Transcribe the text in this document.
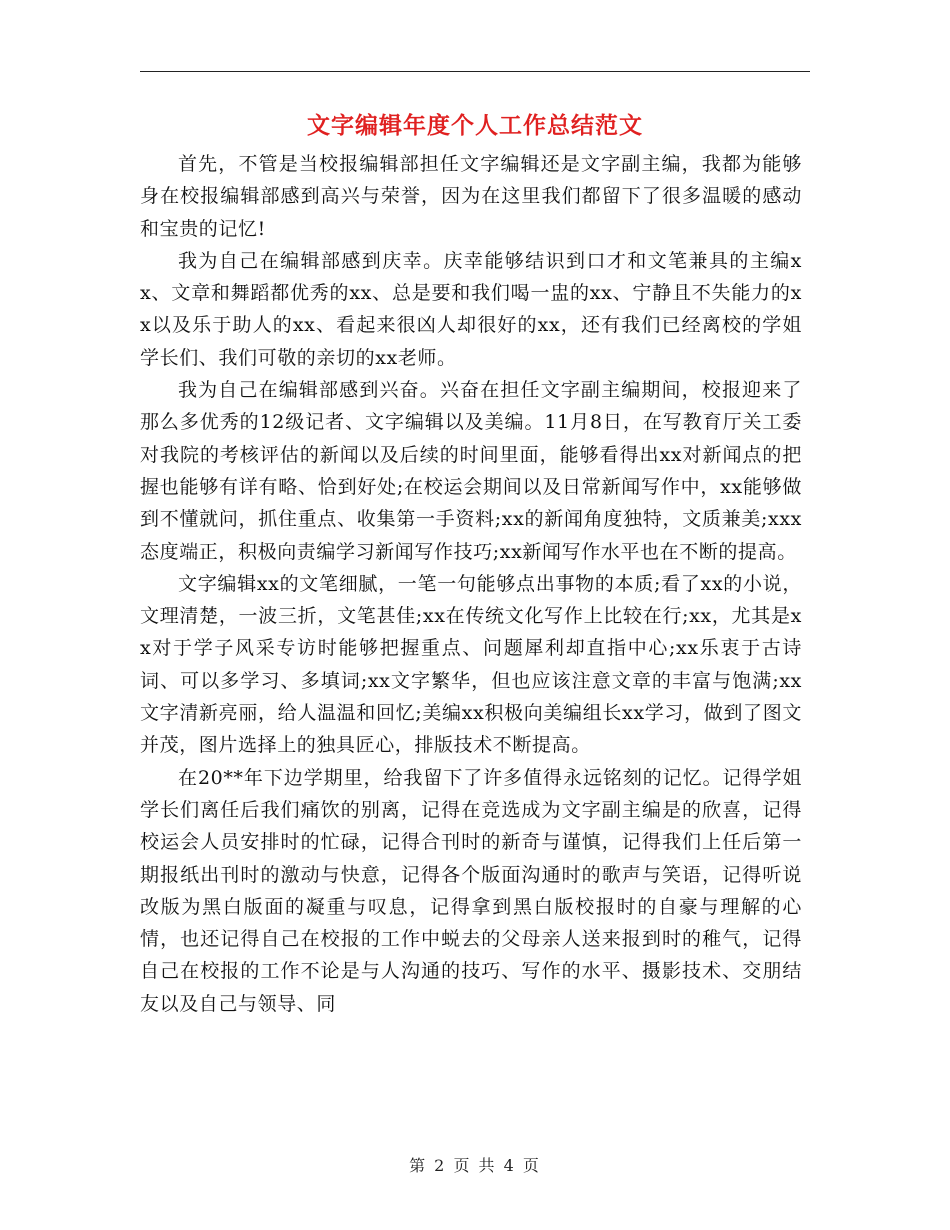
文字编辑年度个人工作总结范文

首先，不管是当校报编辑部担任文字编辑还是文字副主编，我都为能够身在校报编辑部感到高兴与荣誉，因为在这里我们都留下了很多温暖的感动和宝贵的记忆!

我为自己在编辑部感到庆幸。庆幸能够结识到口才和文笔兼具的主编xx、文章和舞蹈都优秀的xx、总是要和我们喝一盅的xx、宁静且不失能力的xx以及乐于助人的xx、看起来很凶人却很好的xx，还有我们已经离校的学姐学长们、我们可敬的亲切的xx老师。

我为自己在编辑部感到兴奋。兴奋在担任文字副主编期间，校报迎来了那么多优秀的12级记者、文字编辑以及美编。11月8日，在写教育厅关工委对我院的考核评估的新闻以及后续的时间里面，能够看得出xx对新闻点的把握也能够有详有略、恰到好处;在校运会期间以及日常新闻写作中，xx能够做到不懂就问，抓住重点、收集第一手资料;xx的新闻角度独特，文质兼美;xxx态度端正，积极向责编学习新闻写作技巧;xx新闻写作水平也在不断的提高。

文字编辑xx的文笔细腻，一笔一句能够点出事物的本质;看了xx的小说，文理清楚，一波三折，文笔甚佳;xx在传统文化写作上比较在行;xx，尤其是xx对于学子风采专访时能够把握重点、问题犀利却直指中心;xx乐衷于古诗词、可以多学习、多填词;xx文字繁华，但也应该注意文章的丰富与饱满;xx文字清新亮丽，给人温温和回忆;美编xx积极向美编组长xx学习，做到了图文并茂，图片选择上的独具匠心，排版技术不断提高。

在20**年下边学期里，给我留下了许多值得永远铭刻的记忆。记得学姐学长们离任后我们痛饮的别离，记得在竞选成为文字副主编是的欣喜，记得校运会人员安排时的忙碌，记得合刊时的新奇与谨慎，记得我们上任后第一期报纸出刊时的激动与快意，记得各个版面沟通时的歌声与笑语，记得听说改版为黑白版面的凝重与叹息，记得拿到黑白版校报时的自豪与理解的心情，也还记得自己在校报的工作中蜕去的父母亲人送来报到时的稚气，记得自己在校报的工作不论是与人沟通的技巧、写作的水平、摄影技术、交朋结友以及自己与领导、同

第 2 页 共 4 页
